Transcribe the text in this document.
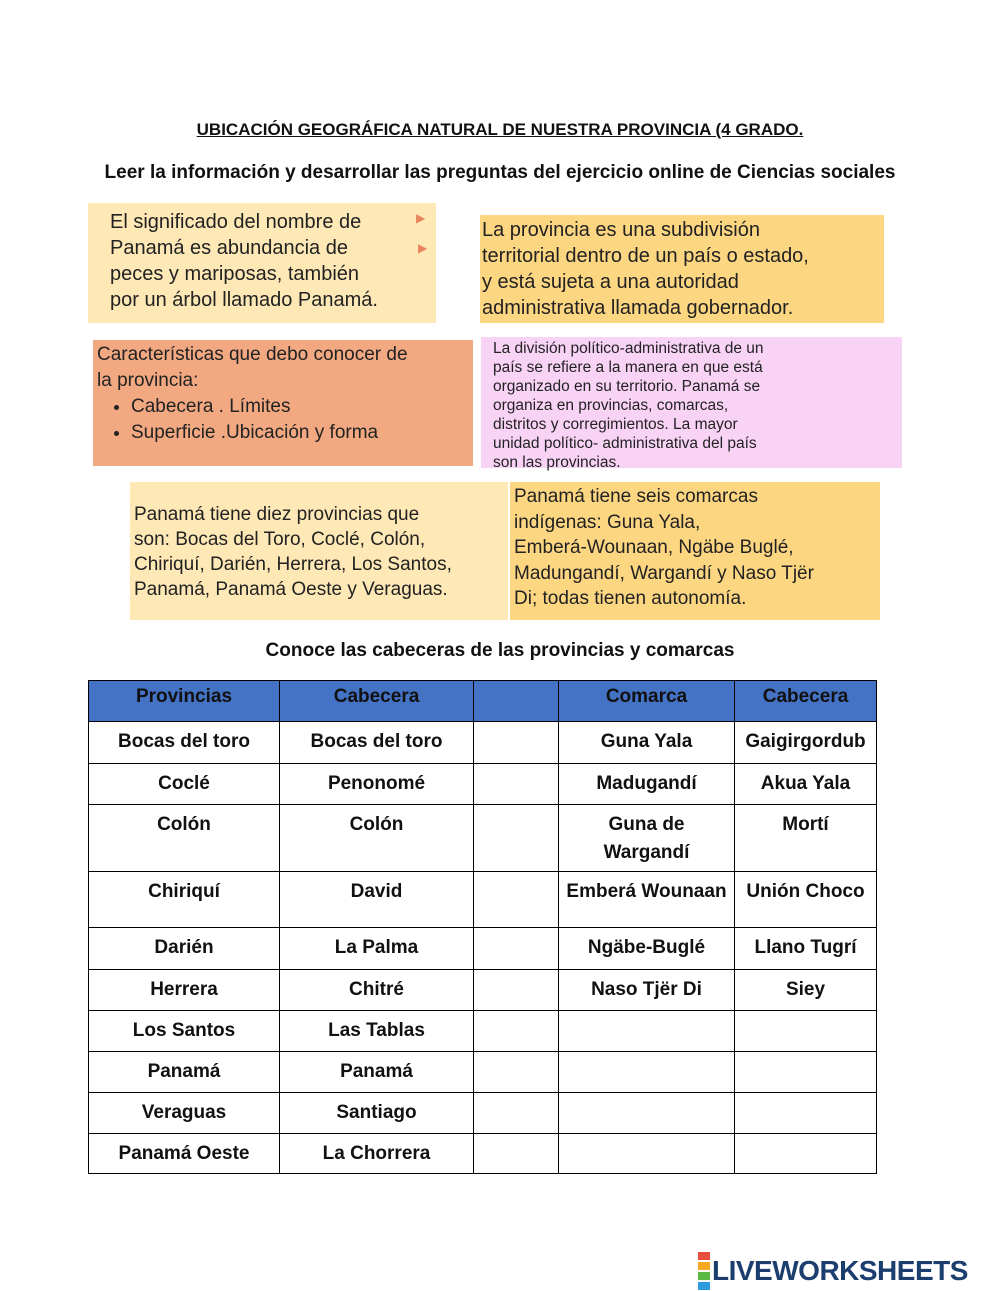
UBICACIÓN GEOGRÁFICA NATURAL DE NUESTRA PROVINCIA (4 GRADO.
Leer la información y desarrollar las preguntas del ejercicio online de Ciencias sociales
El significado del nombre de
Panamá es abundancia de
peces y mariposas, también
por un árbol llamado Panamá.
▶
▶
La provincia es una subdivisión
territorial dentro de un país o estado,
y está sujeta a una autoridad
administrativa llamada gobernador.
Características que debo conocer de
la provincia:
• Cabecera . Límites
• Superficie .Ubicación y forma
La división político-administrativa de un
país se refiere a la manera en que está
organizado en su territorio. Panamá se
organiza en provincias, comarcas,
distritos y corregimientos. La mayor
unidad político- administrativa del país
son las provincias.
Panamá tiene diez provincias que
son: Bocas del Toro, Coclé, Colón,
Chiriquí, Darién, Herrera, Los Santos,
Panamá, Panamá Oeste y Veraguas.
Panamá tiene seis comarcas
indígenas: Guna Yala,
Emberá-Wounaan, Ngäbe Buglé,
Madungandí, Wargandí y Naso Tjër
Di; todas tienen autonomía.
Conoce las cabeceras de las provincias y comarcas
Provincias	Cabecera		Comarca	Cabecera
Bocas del toro	Bocas del toro		Guna Yala	Gaigirgordub
Coclé	Penonomé		Madugandí	Akua Yala
Colón	Colón		Guna de Wargandí	Mortí
Chiriquí	David		Emberá Wounaan	Unión Choco
Darién	La Palma		Ngäbe-Buglé	Llano Tugrí
Herrera	Chitré		Naso Tjër Di	Siey
Los Santos	Las Tablas			
Panamá	Panamá			
Veraguas	Santiago			
Panamá Oeste	La Chorrera			
LIVEWORKSHEETS
